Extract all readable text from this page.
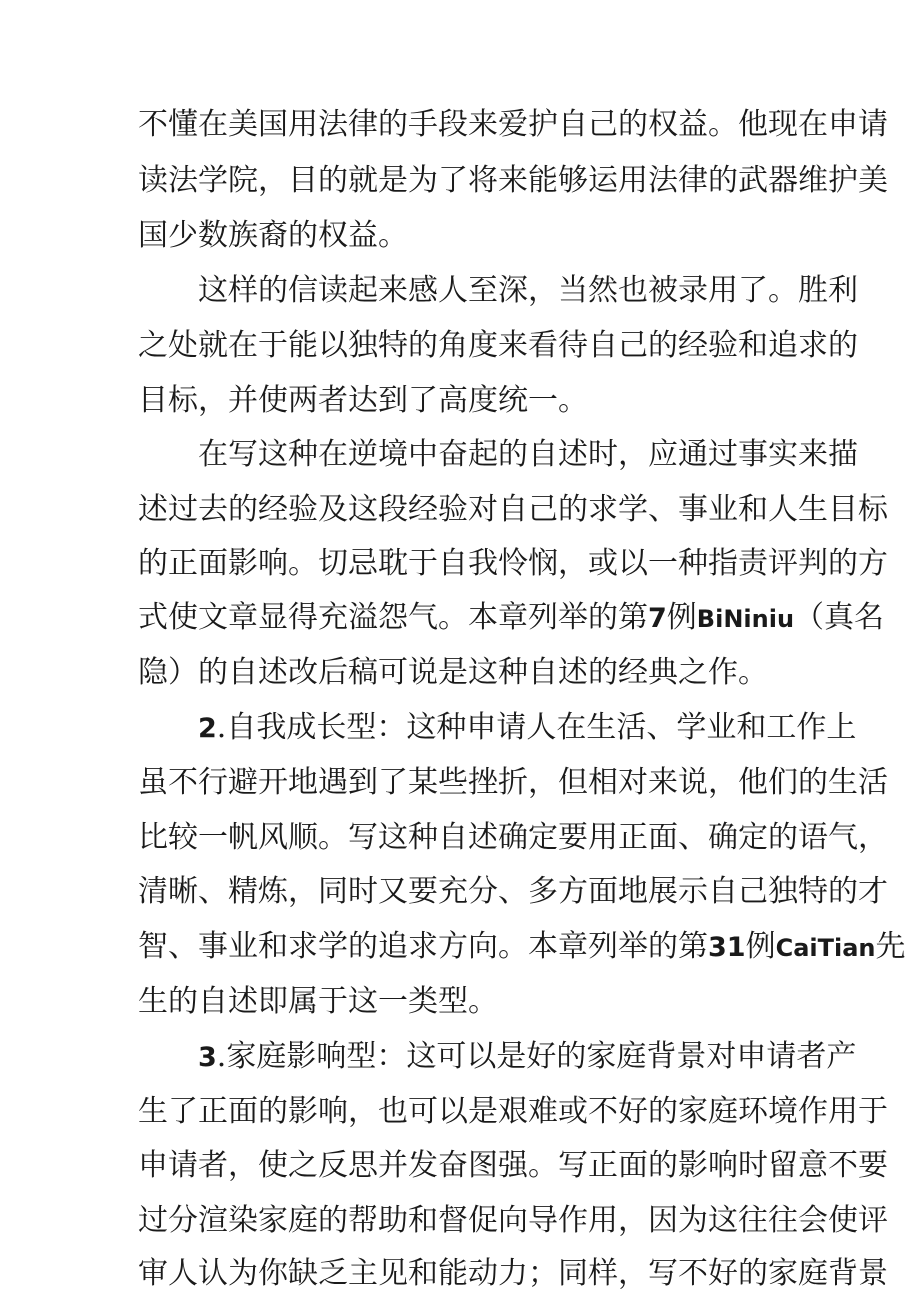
不懂在美国用法律的手段来爱护自己的权益。他现在申请
读法学院，目的就是为了将来能够运用法律的武器维护美
国少数族裔的权益。
这样的信读起来感人至深，当然也被录用了。胜利
之处就在于能以独特的角度来看待自己的经验和追求的
目标，并使两者达到了高度统一。
在写这种在逆境中奋起的自述时，应通过事实来描
述过去的经验及这段经验对自己的求学、事业和人生目标
的正面影响。切忌耽于自我怜悯，或以一种指责评判的方
式使文章显得充溢怨气。本章列举的第7例BiNiniu（真名
隐）的自述改后稿可说是这种自述的经典之作。
2.自我成长型：这种申请人在生活、学业和工作上
虽不行避开地遇到了某些挫折，但相对来说，他们的生活
比较一帆风顺。写这种自述确定要用正面、确定的语气，
清晰、精炼，同时又要充分、多方面地展示自己独特的才
智、事业和求学的追求方向。本章列举的第31例CaiTian先
生的自述即属于这一类型。
3.家庭影响型：这可以是好的家庭背景对申请者产
生了正面的影响，也可以是艰难或不好的家庭环境作用于
申请者，使之反思并发奋图强。写正面的影响时留意不要
过分渲染家庭的帮助和督促向导作用，因为这往往会使评
审人认为你缺乏主见和能动力；同样，写不好的家庭背景
